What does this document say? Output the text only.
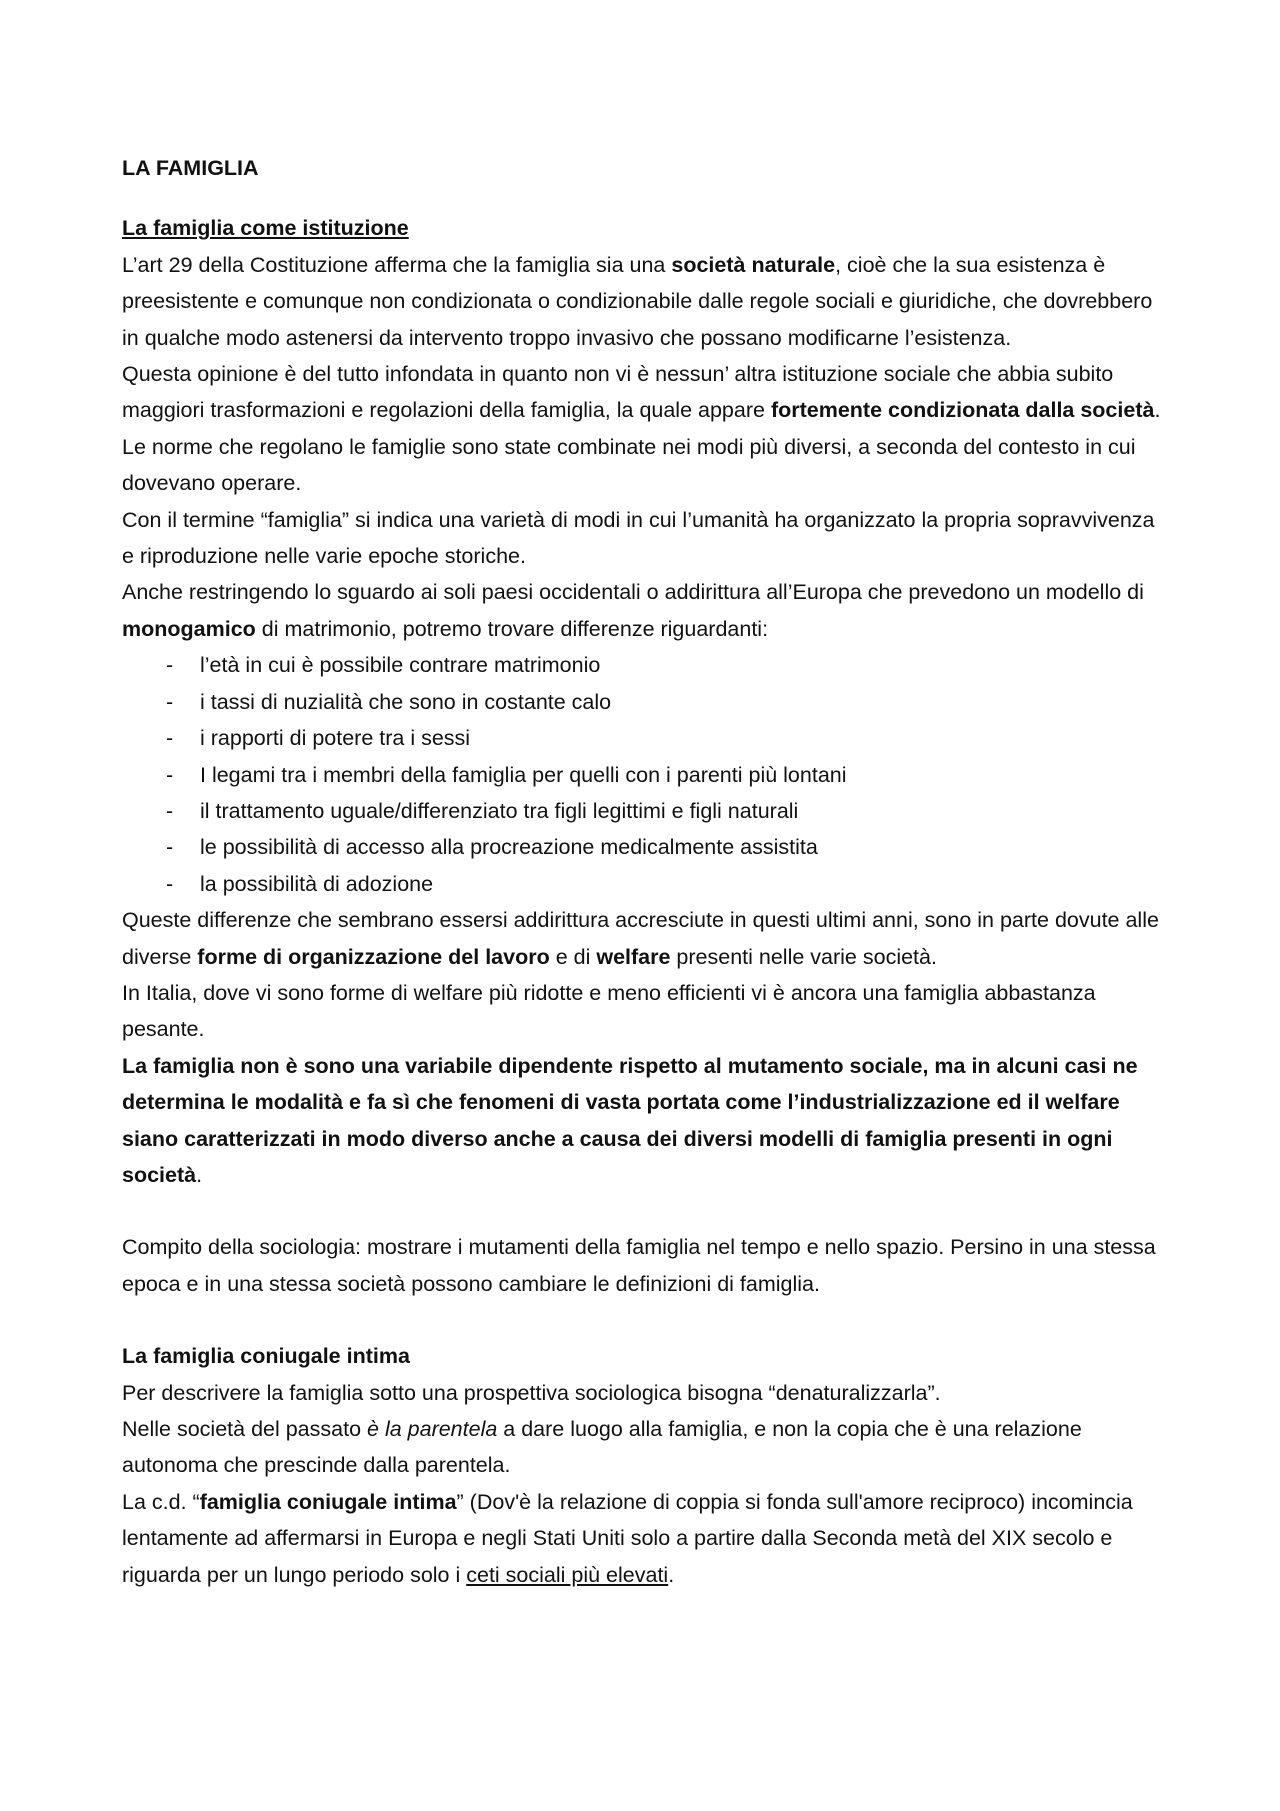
LA FAMIGLIA

La famiglia come istituzione

L’art 29 della Costituzione afferma che la famiglia sia una società naturale, cioè che la sua esistenza è preesistente e comunque non condizionata o condizionabile dalle regole sociali e giuridiche, che dovrebbero in qualche modo astenersi da intervento troppo invasivo che possano modificarne l’esistenza.

Questa opinione è del tutto infondata in quanto non vi è nessun’ altra istituzione sociale che abbia subito maggiori trasformazioni e regolazioni della famiglia, la quale appare fortemente condizionata dalla società. Le norme che regolano le famiglie sono state combinate nei modi più diversi, a seconda del contesto in cui dovevano operare.

Con il termine “famiglia” si indica una varietà di modi in cui l’umanità ha organizzato la propria sopravvivenza e riproduzione nelle varie epoche storiche.

Anche restringendo lo sguardo ai soli paesi occidentali o addirittura all’Europa che prevedono un modello di monogamico di matrimonio, potremo trovare differenze riguardanti:

- l’età in cui è possibile contrare matrimonio
- i tassi di nuzialità che sono in costante calo
- i rapporti di potere tra i sessi
- I legami tra i membri della famiglia per quelli con i parenti più lontani
- il trattamento uguale/differenziato tra figli legittimi e figli naturali
- le possibilità di accesso alla procreazione medicalmente assistita
- la possibilità di adozione

Queste differenze che sembrano essersi addirittura accresciute in questi ultimi anni, sono in parte dovute alle diverse forme di organizzazione del lavoro e di welfare presenti nelle varie società.

In Italia, dove vi sono forme di welfare più ridotte e meno efficienti vi è ancora una famiglia abbastanza pesante.

La famiglia non è sono una variabile dipendente rispetto al mutamento sociale, ma in alcuni casi ne determina le modalità e fa sì che fenomeni di vasta portata come l’industrializzazione ed il welfare siano caratterizzati in modo diverso anche a causa dei diversi modelli di famiglia presenti in ogni società.

Compito della sociologia: mostrare i mutamenti della famiglia nel tempo e nello spazio. Persino in una stessa epoca e in una stessa società possono cambiare le definizioni di famiglia.

La famiglia coniugale intima

Per descrivere la famiglia sotto una prospettiva sociologica bisogna “denaturalizzarla”.

Nelle società del passato è la parentela a dare luogo alla famiglia, e non la copia che è una relazione autonoma che prescinde dalla parentela.

La c.d. “famiglia coniugale intima” (Dov'è la relazione di coppia si fonda sull'amore reciproco) incomincia lentamente ad affermarsi in Europa e negli Stati Uniti solo a partire dalla Seconda metà del XIX secolo e riguarda per un lungo periodo solo i ceti sociali più elevati.
